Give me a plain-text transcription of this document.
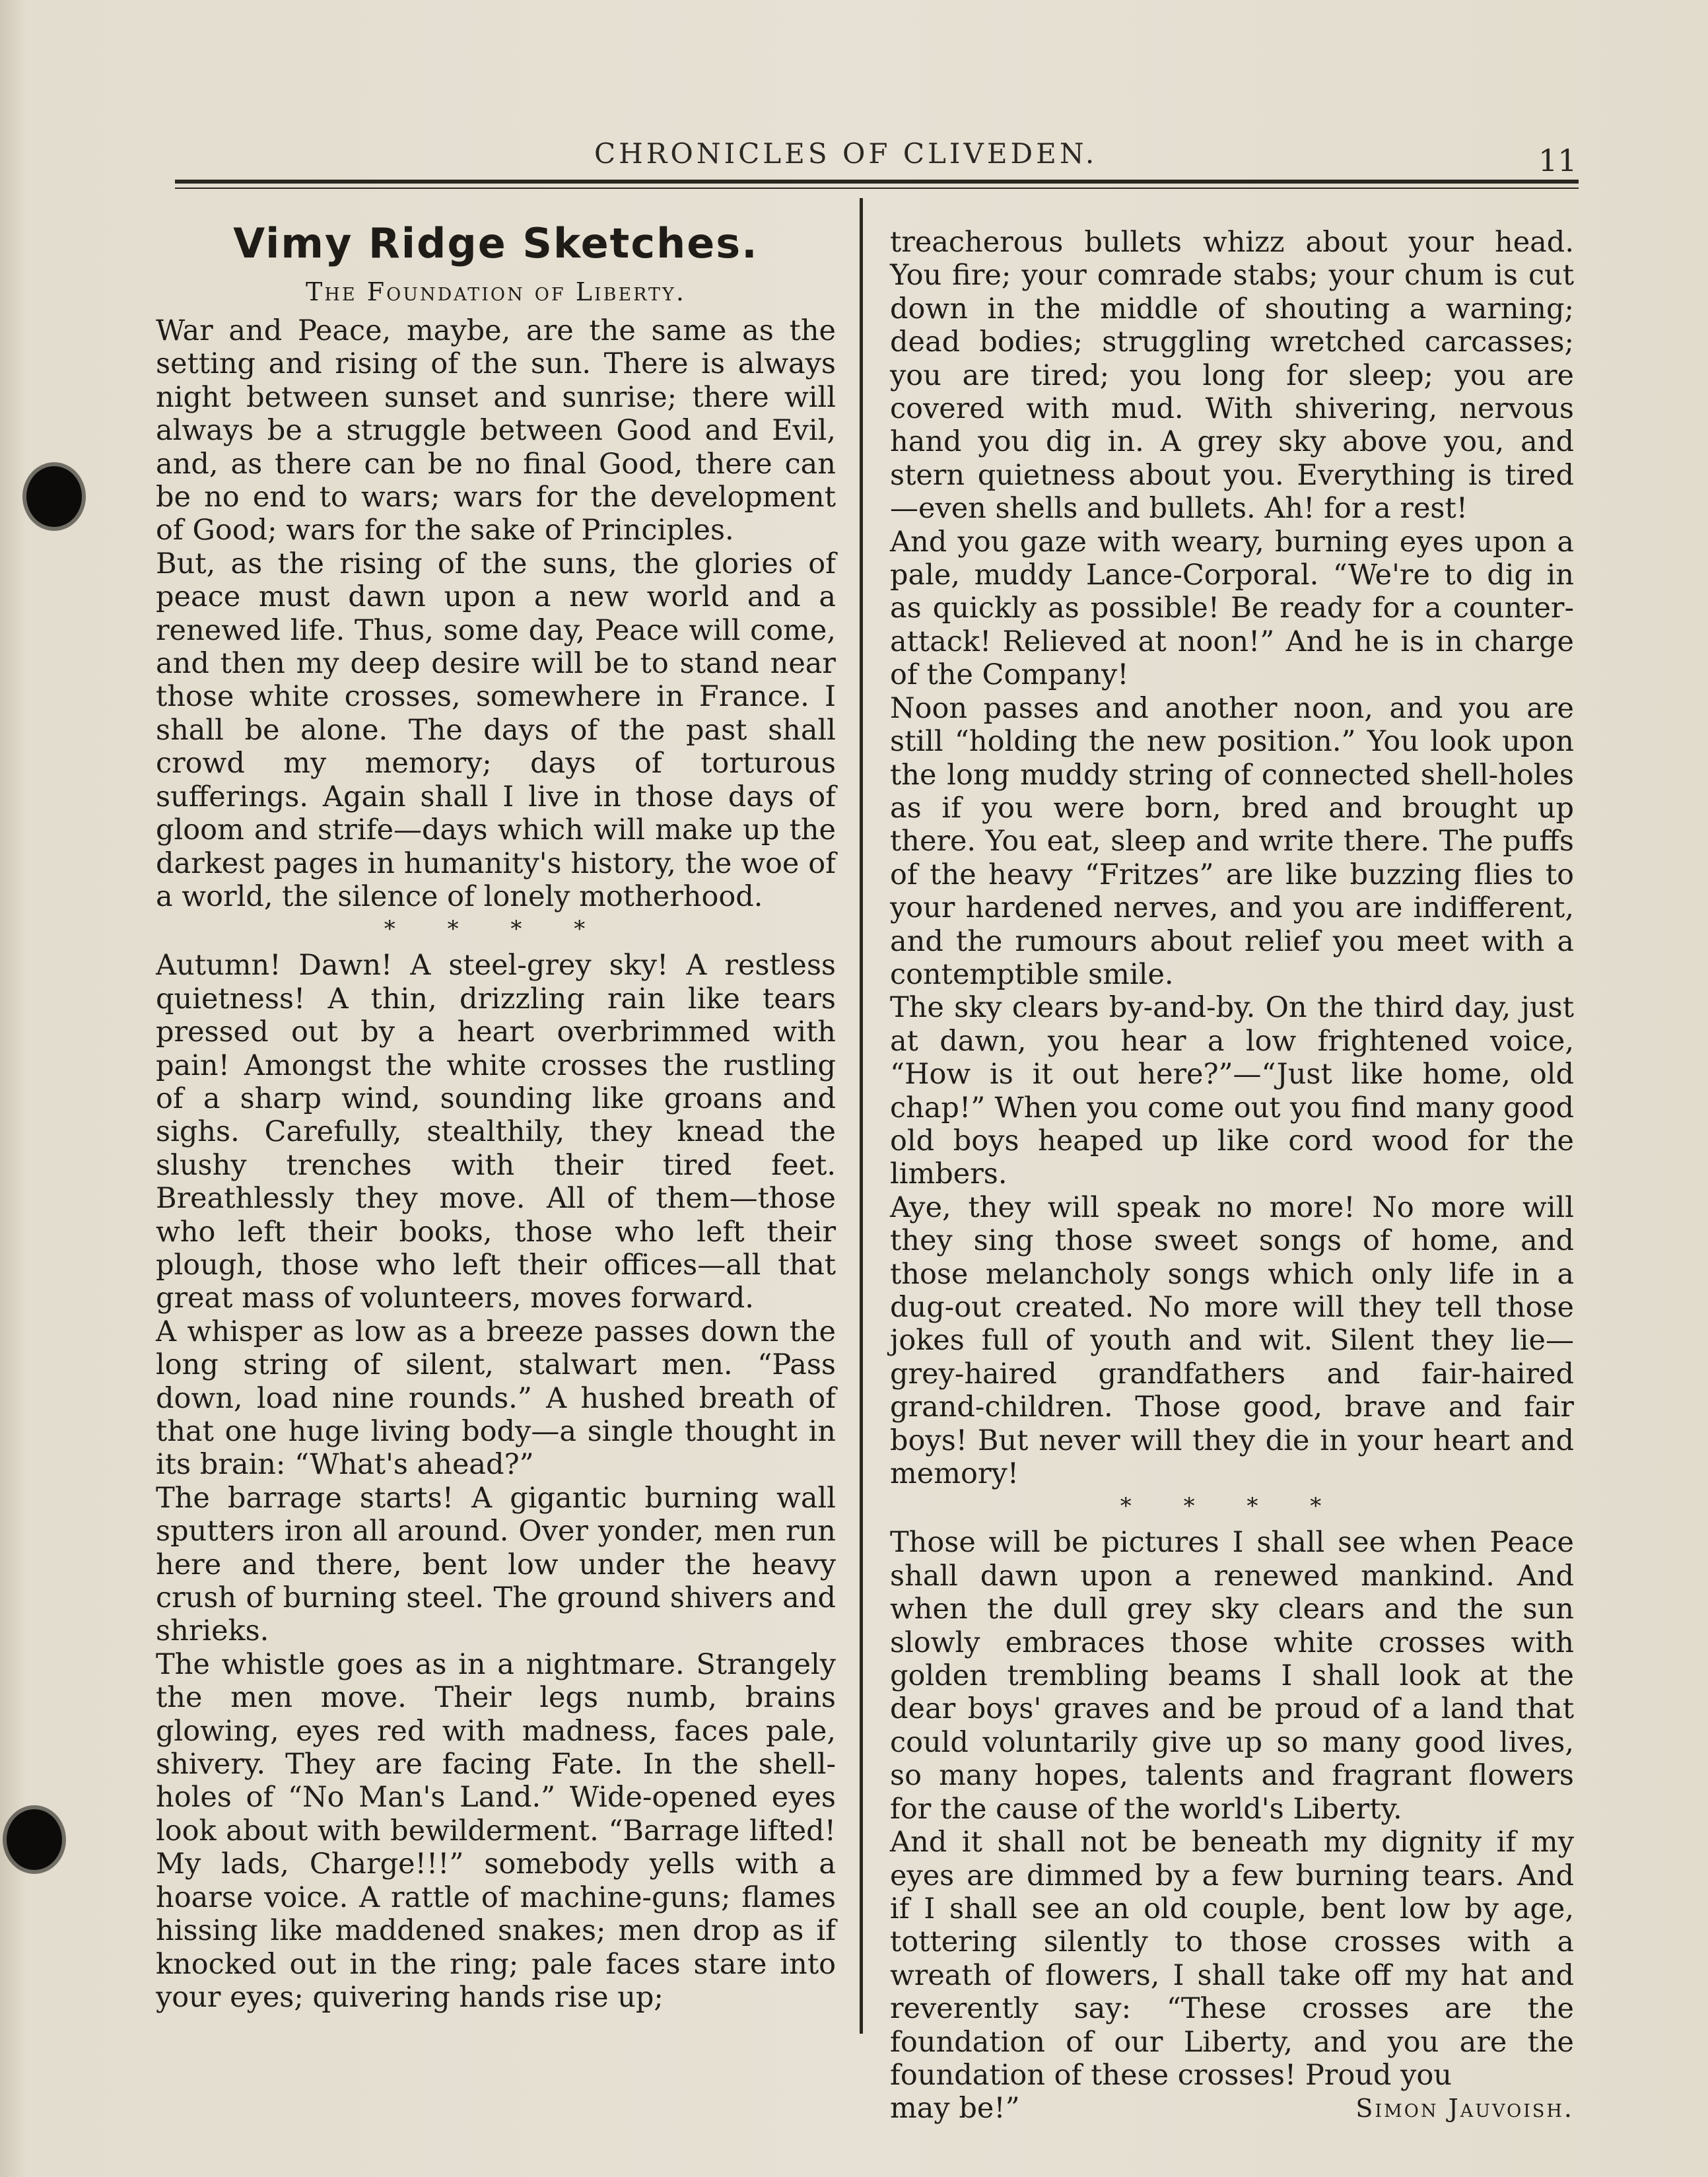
CHRONICLES OF CLIVEDEN.	11
Vimy Ridge Sketches.
The Foundation of Liberty.

War and Peace, maybe, are the same as the setting and rising of the sun. There is always night between sunset and sunrise; there will always be a struggle between Good and Evil, and, as there can be no final Good, there can be no end to wars; wars for the development of Good; wars for the sake of Principles.

But, as the rising of the suns, the glories of peace must dawn upon a new world and a renewed life. Thus, some day, Peace will come, and then my deep desire will be to stand near those white crosses, somewhere in France. I shall be alone. The days of the past shall crowd my memory; days of torturous sufferings. Again shall I live in those days of gloom and strife—days which will make up the darkest pages in humanity's history, the woe of a world, the silence of lonely motherhood.

* * * *

Autumn! Dawn! A steel-grey sky! A restless quietness! A thin, drizzling rain like tears pressed out by a heart overbrimmed with pain! Amongst the white crosses the rustling of a sharp wind, sounding like groans and sighs. Carefully, stealthily, they knead the slushy trenches with their tired feet. Breathlessly they move. All of them—those who left their books, those who left their plough, those who left their offices—all that great mass of volunteers, moves forward.

A whisper as low as a breeze passes down the long string of silent, stalwart men. “Pass down, load nine rounds.” A hushed breath of that one huge living body—a single thought in its brain: “What's ahead?”

The barrage starts! A gigantic burning wall sputters iron all around. Over yonder, men run here and there, bent low under the heavy crush of burning steel. The ground shivers and shrieks.

The whistle goes as in a nightmare. Strangely the men move. Their legs numb, brains glowing, eyes red with madness, faces pale, shivery. They are facing Fate. In the shell-holes of “No Man's Land.” Wide-opened eyes look about with bewilderment. “Barrage lifted! My lads, Charge!!!” somebody yells with a hoarse voice. A rattle of machine-guns; flames hissing like maddened snakes; men drop as if knocked out in the ring; pale faces stare into your eyes; quivering hands rise up;

treacherous bullets whizz about your head. You fire; your comrade stabs; your chum is cut down in the middle of shouting a warning; dead bodies; struggling wretched carcasses; you are tired; you long for sleep; you are covered with mud. With shivering, nervous hand you dig in. A grey sky above you, and stern quietness about you. Everything is tired —even shells and bullets. Ah! for a rest!

And you gaze with weary, burning eyes upon a pale, muddy Lance-Corporal. “We're to dig in as quickly as possible! Be ready for a counter-attack! Relieved at noon!” And he is in charge of the Company!

Noon passes and another noon, and you are still “holding the new position.” You look upon the long muddy string of connected shell-holes as if you were born, bred and brought up there. You eat, sleep and write there. The puffs of the heavy “Fritzes” are like buzzing flies to your hardened nerves, and you are indifferent, and the rumours about relief you meet with a contemptible smile.

The sky clears by-and-by. On the third day, just at dawn, you hear a low frightened voice, “How is it out here?”—“Just like home, old chap!” When you come out you find many good old boys heaped up like cord wood for the limbers.

Aye, they will speak no more! No more will they sing those sweet songs of home, and those melancholy songs which only life in a dug-out created. No more will they tell those jokes full of youth and wit. Silent they lie—grey-haired grandfathers and fair-haired grand-children. Those good, brave and fair boys! But never will they die in your heart and memory!

* * * *

Those will be pictures I shall see when Peace shall dawn upon a renewed mankind. And when the dull grey sky clears and the sun slowly embraces those white crosses with golden trembling beams I shall look at the dear boys' graves and be proud of a land that could voluntarily give up so many good lives, so many hopes, talents and fragrant flowers for the cause of the world's Liberty.

And it shall not be beneath my dignity if my eyes are dimmed by a few burning tears. And if I shall see an old couple, bent low by age, tottering silently to those crosses with a wreath of flowers, I shall take off my hat and reverently say: “These crosses are the foundation of our Liberty, and you are the foundation of these crosses! Proud you

may be!”	Simon Jauvoish.
